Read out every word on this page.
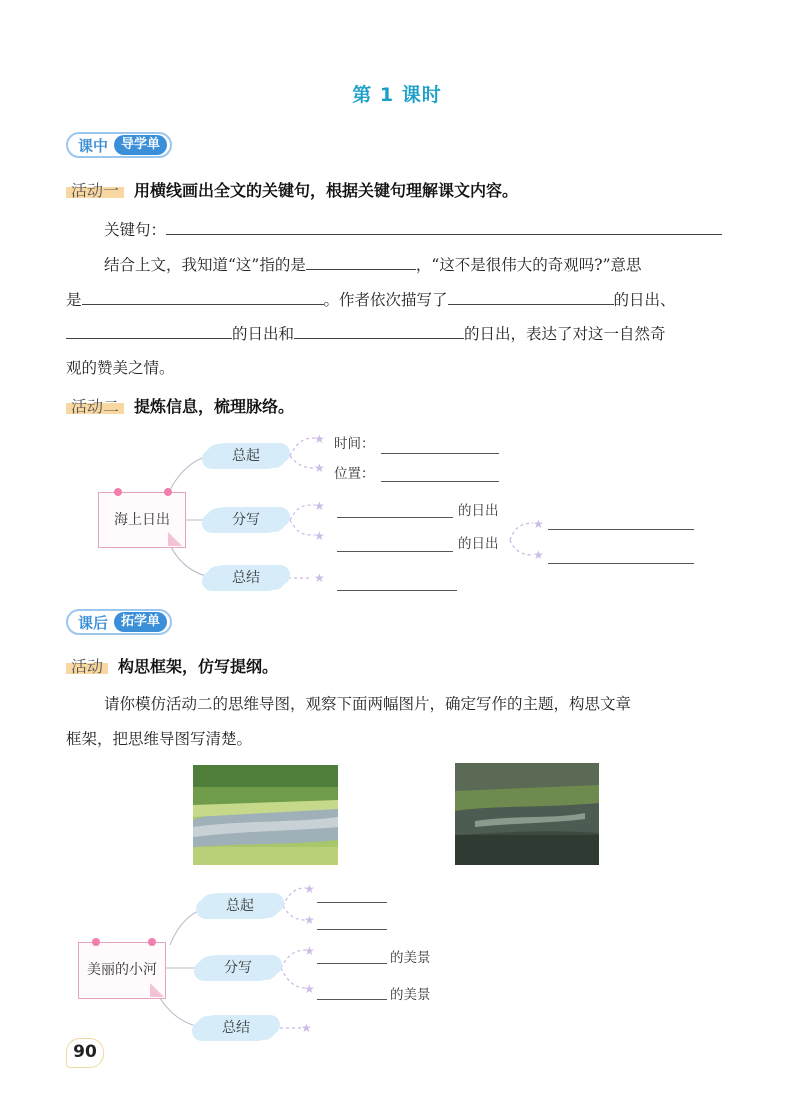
第 1 课时
课中	导学单
活动一 用横线画出全文的关键句，根据关键句理解课文内容。
关键句：
结合上文，我知道“这”指的是	，“这不是很伟大的奇观吗?”意思
是	。作者依次描写了	的日出、
的日出和	的日出，表达了对这一自然奇
观的赞美之情。
活动二 提炼信息，梳理脉络。
海上日出
总起
分写
总结
★
★
★
★
★
★
★
时间：
位置：
的日出
的日出
课后	拓学单
活动 构思框架，仿写提纲。
请你模仿活动二的思维导图，观察下面两幅图片，确定写作的主题，构思文章
框架，把思维导图写清楚。
美丽的小河
总起
分写
总结
★
★
★
★
★
的美景
的美景
90
